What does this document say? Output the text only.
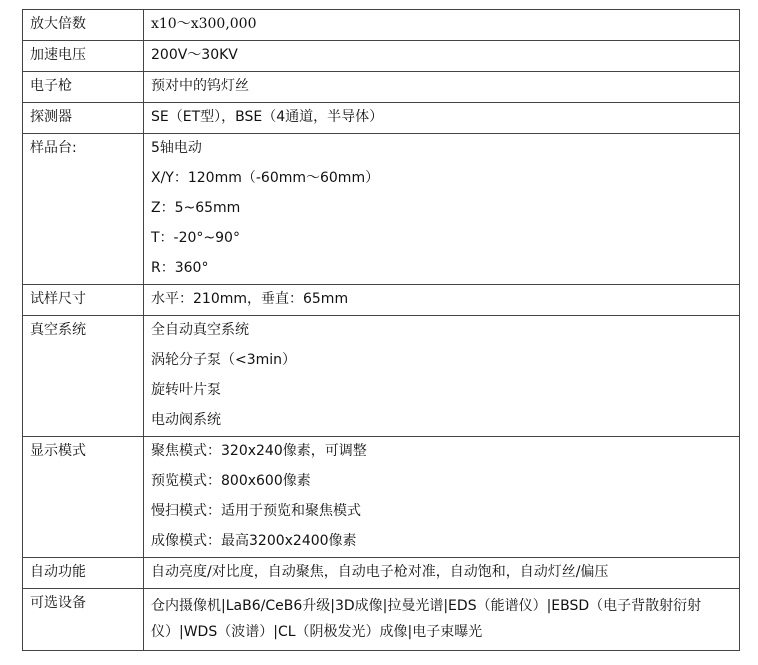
放大倍数	x10～x300,000

加速电压	200V～30KV

电子枪	预对中的钨灯丝

探测器	SE（ET型），BSE（4通道，半导体）

样品台:	5轴电动
X/Y：120mm（-60mm～60mm）
Z：5~65mm
T：-20°~90°
R：360°

试样尺寸	水平：210mm，垂直：65mm

真空系统	全自动真空系统
涡轮分子泵（<3min）
旋转叶片泵
电动阀系统

显示模式	聚焦模式：320x240像素，可调整
预览模式：800x600像素
慢扫模式：适用于预览和聚焦模式
成像模式：最高3200x2400像素

自动功能	自动亮度/对比度，自动聚焦，自动电子枪对准，自动饱和，自动灯丝/偏压

可选设备	仓内摄像机|LaB6/CeB6升级|3D成像|拉曼光谱|EDS（能谱仪）|EBSD（电子背散射衍射仪）|WDS（波谱）|CL（阴极发光）成像|电子束曝光
